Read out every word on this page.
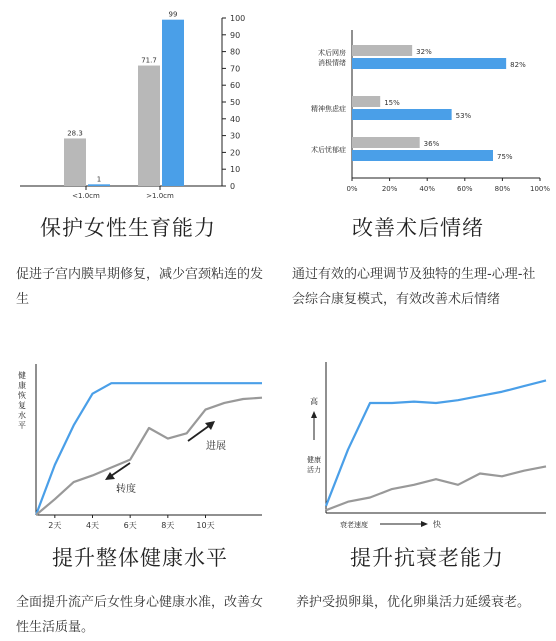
0
10
20
30
40
50
60
70
80
90
100
28.3
1
<1.0cm
71.7
99
>1.0cm
0%	20%	40%	60%	80%	100%
术后网房
消极情绪
32%
82%
精神焦虑症
15%
53%
术后忧郁症
36%
75%
健
康
恢
复
水
平
2天	4天	6天	8天	10天
进展
转度
高
健康
活力
衰老速度	快
保护女性生育能力
促进子宫内膜早期修复，减少宫颈粘连的发生
改善术后情绪
通过有效的心理调节及独特的生理-心理-社会综合康复模式，有效改善术后情绪
提升整体健康水平
全面提升流产后女性身心健康水准，改善女性生活质量。
提升抗衰老能力
养护受损卵巢，优化卵巢活力延缓衰老。
